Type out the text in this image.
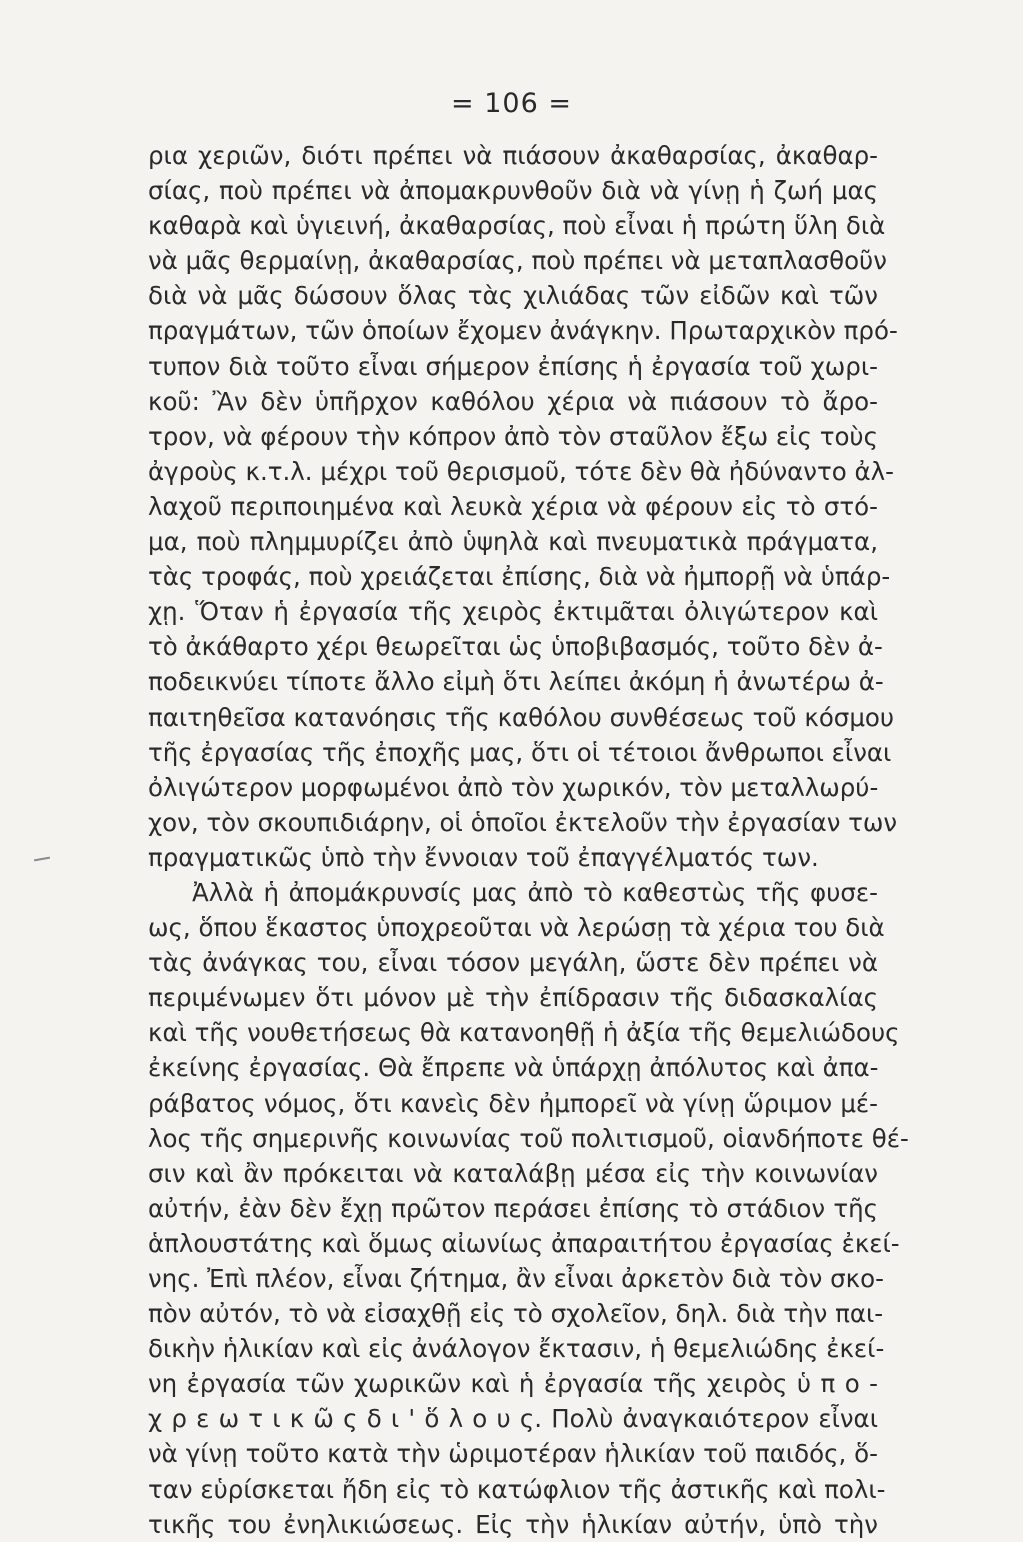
= 106 =
ρια χεριῶν, διότι πρέπει νὰ πιάσουν ἀκαθαρσίας, ἀκαθαρ-
σίας, ποὺ πρέπει νὰ ἀπομακρυνθοῦν διὰ νὰ γίνῃ ἡ ζωή μας
καθαρὰ καὶ ὑγιεινή, ἀκαθαρσίας, ποὺ εἶναι ἡ πρώτη ὕλη διὰ
νὰ μᾶς θερμαίνῃ, ἀκαθαρσίας, ποὺ πρέπει νὰ μεταπλασθοῦν
διὰ νὰ μᾶς δώσουν ὅλας τὰς χιλιάδας τῶν εἰδῶν καὶ τῶν
πραγμάτων, τῶν ὁποίων ἔχομεν ἀνάγκην. Πρωταρχικὸν πρό-
τυπον διὰ τοῦτο εἶναι σήμερον ἐπίσης ἡ ἐργασία τοῦ χωρι-
κοῦ: Ἂν δὲν ὑπῆρχον καθόλου χέρια νὰ πιάσουν τὸ ἄρο-
τρον, νὰ φέρουν τὴν κόπρον ἀπὸ τὸν σταῦλον ἔξω εἰς τοὺς
ἀγροὺς κ.τ.λ. μέχρι τοῦ θερισμοῦ, τότε δὲν θὰ ἠδύναντο ἀλ-
λαχοῦ περιποιημένα καὶ λευκὰ χέρια νὰ φέρουν εἰς τὸ στό-
μα, ποὺ πλημμυρίζει ἀπὸ ὑψηλὰ καὶ πνευματικὰ πράγματα,
τὰς τροφάς, ποὺ χρειάζεται ἐπίσης, διὰ νὰ ἠμπορῇ νὰ ὑπάρ-
χῃ. Ὅταν ἡ ἐργασία τῆς χειρὸς ἐκτιμᾶται ὀλιγώτερον καὶ
τὸ ἀκάθαρτο χέρι θεωρεῖται ὡς ὑποβιβασμός, τοῦτο δὲν ἀ-
ποδεικνύει τίποτε ἄλλο εἰμὴ ὅτι λείπει ἀκόμη ἡ ἀνωτέρω ἀ-
παιτηθεῖσα κατανόησις τῆς καθόλου συνθέσεως τοῦ κόσμου
τῆς ἐργασίας τῆς ἐποχῆς μας, ὅτι οἱ τέτοιοι ἄνθρωποι εἶναι
ὀλιγώτερον μορφωμένοι ἀπὸ τὸν χωρικόν, τὸν μεταλλωρύ-
χον, τὸν σκουπιδιάρην, οἱ ὁποῖοι ἐκτελοῦν τὴν ἐργασίαν των
πραγματικῶς ὑπὸ τὴν ἔννοιαν τοῦ ἐπαγγέλματός των.
Ἀλλὰ ἡ ἀπομάκρυνσίς μας ἀπὸ τὸ καθεστὼς τῆς φυσε-
ως, ὅπου ἕκαστος ὑποχρεοῦται νὰ λερώσῃ τὰ χέρια του διὰ
τὰς ἀνάγκας του, εἶναι τόσον μεγάλη, ὥστε δὲν πρέπει νὰ
περιμένωμεν ὅτι μόνον μὲ τὴν ἐπίδρασιν τῆς διδασκαλίας
καὶ τῆς νουθετήσεως θὰ κατανοηθῇ ἡ ἀξία τῆς θεμελιώδους
ἐκείνης ἐργασίας. Θὰ ἔπρεπε νὰ ὑπάρχῃ ἀπόλυτος καὶ ἀπα-
ράβατος νόμος, ὅτι κανεὶς δὲν ἠμπορεῖ νὰ γίνῃ ὥριμον μέ-
λος τῆς σημερινῆς κοινωνίας τοῦ πολιτισμοῦ, οἱανδήποτε θέ-
σιν καὶ ἂν πρόκειται νὰ καταλάβῃ μέσα εἰς τὴν κοινωνίαν
αὐτήν, ἐὰν δὲν ἔχῃ πρῶτον περάσει ἐπίσης τὸ στάδιον τῆς
ἁπλουστάτης καὶ ὅμως αἰωνίως ἀπαραιτήτου ἐργασίας ἐκεί-
νης. Ἐπὶ πλέον, εἶναι ζήτημα, ἂν εἶναι ἀρκετὸν διὰ τὸν σκο-
πὸν αὐτόν, τὸ νὰ εἰσαχθῇ εἰς τὸ σχολεῖον, δηλ. διὰ τὴν παι-
δικὴν ἡλικίαν καὶ εἰς ἀνάλογον ἔκτασιν, ἡ θεμελιώδης ἐκεί-
νη ἐργασία τῶν χωρικῶν καὶ ἡ ἐργασία τῆς χειρὸς ὑ π ο -
χ ρ ε ω τ ι κ ῶ ς δ ι ' ὅ λ ο υ ς. Πολὺ ἀναγκαιότερον εἶναι
νὰ γίνῃ τοῦτο κατὰ τὴν ὡριμοτέραν ἡλικίαν τοῦ παιδός, ὅ-
ταν εὑρίσκεται ἤδη εἰς τὸ κατώφλιον τῆς ἀστικῆς καὶ πολι-
τικῆς του ἐνηλικιώσεως. Εἰς τὴν ἡλικίαν αὐτήν, ὑπὸ τὴν
